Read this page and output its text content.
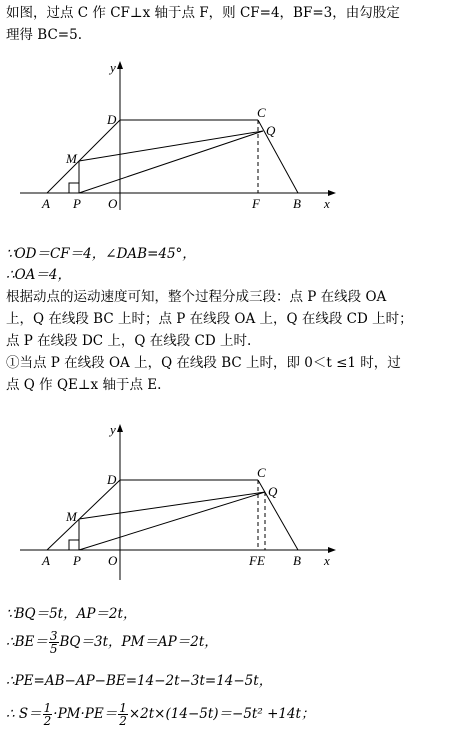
如图，过点 C 作 CF⊥x 轴于点 F，则 CF=4，BF=3，由勾股定
理得 BC=5.
y
x
D	C
Q
M
A P O	F	B
∵OD＝CF＝4，∠DAB=45°，
∴OA＝4，
根据动点的运动速度可知，整个过程分成三段：点 P 在线段 OA
上，Q 在线段 BC 上时；点 P 在线段 OA 上，Q 在线段 CD 上时；
点 P 在线段 DC 上，Q 在线段 CD 上时.
①当点 P 在线段 OA 上，Q 在线段 BC 上时，即 0＜t ≤1 时，过
点 Q 作 QE⊥x 轴于点 E.
y
x
D	C
Q
M
A P O	FE B
∵BQ＝5t，AP＝2t，
∴BE＝ $\frac{3}{5} BQ=3t$，PM＝AP＝2t，
∴PE=AB−AP−BE=14−2t−3t=14−5t，
∴ $S= \frac{1}{2} \cdot PM\cdot PE= \frac{1}{2} \times 2t\times(14-5t)=-5t^2 +14t$；
